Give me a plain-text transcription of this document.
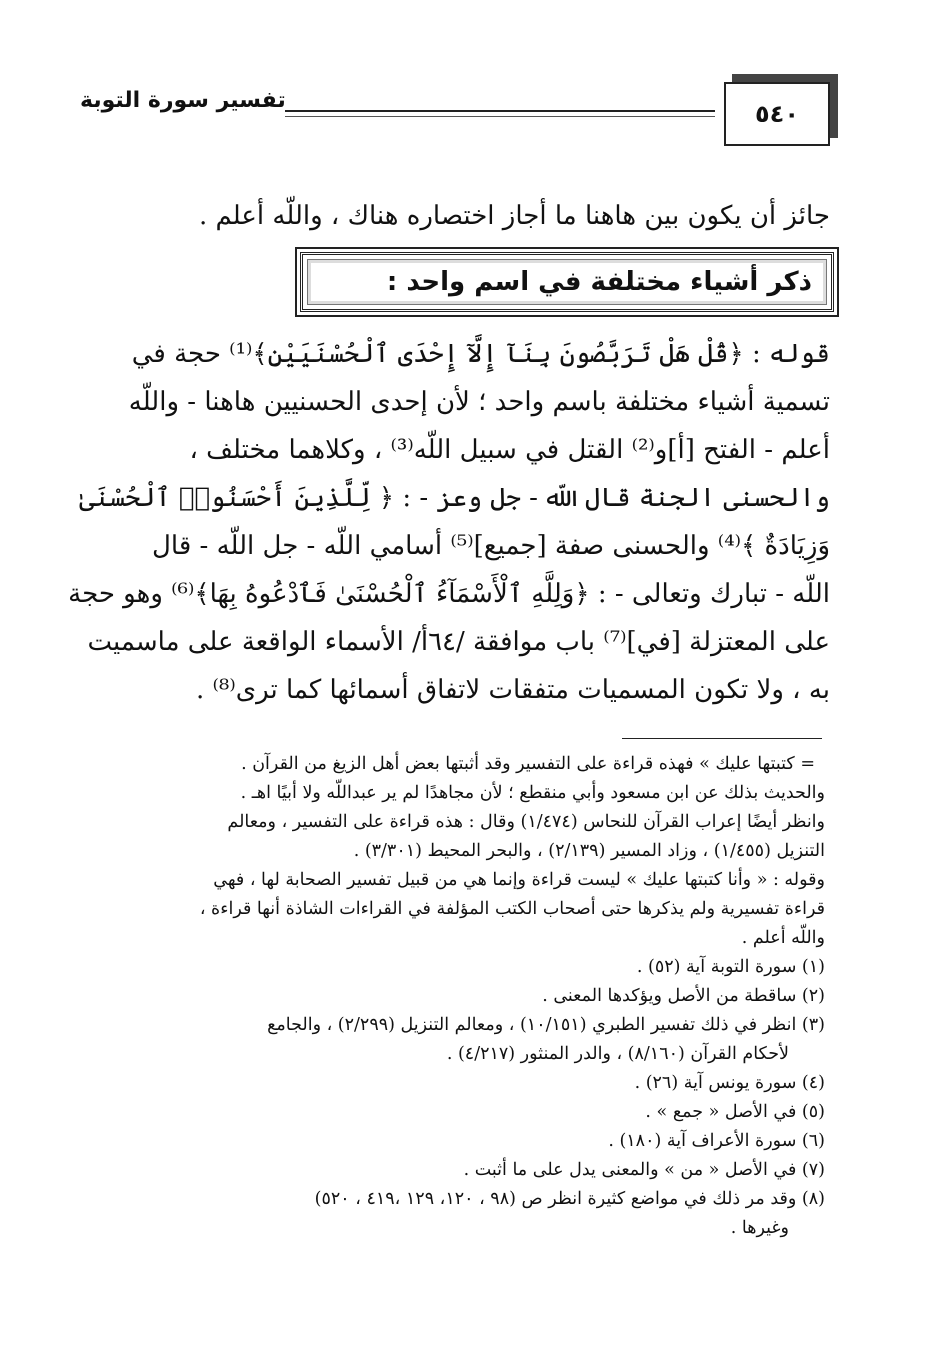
٥٤٠
تفسير سورة التوبة
جائز أن يكون بين هاهنا ما أجاز اختصاره هناك ، واللّه أعلم .
ذكر أشياء مختلفة في اسم واحد :
قوله : ﴿قُلْ هَلْ تَرَبَّصُونَ بِنَآ إِلَّآ إِحْدَى ٱلْحُسْنَيَيْنِ﴾⁽¹⁾ حجة في
تسمية أشياء مختلفة باسم واحد ؛ لأن إحدى الحسنيين هاهنا - واللّه
أعلم - الفتح [أ]و⁽²⁾ القتل في سبيل اللّه⁽³⁾ ، وكلاهما مختلف ،
والحسنى الجنة قال اللّه - جل وعز - : ﴿ لِّلَّذِينَ أَحْسَنُوا۟ ٱلْحُسْنَىٰ
وَزِيَادَةٌ ﴾⁽⁴⁾ والحسنى صفة [جميع]⁽⁵⁾ أسامي اللّه - جل اللّه - قال
اللّه - تبارك وتعالى - : ﴿وَلِلَّهِ ٱلْأَسْمَآءُ ٱلْحُسْنَىٰ فَٱدْعُوهُ بِهَا﴾⁽⁶⁾ وهو حجة
على المعتزلة [في]⁽⁷⁾ باب موافقة /٦٤أ/ الأسماء الواقعة على ماسميت
به ، ولا تكون المسميات متفقات لاتفاق أسمائها كما ترى⁽⁸⁾ .
= كتبتها عليك » فهذه قراءة على التفسير وقد أثبتها بعض أهل الزيغ من القرآن .
والحديث بذلك عن ابن مسعود وأبي منقطع ؛ لأن مجاهدًا لم ير عبداللّه ولا أبيًا اهـ .
وانظر أيضًا إعراب القرآن للنحاس (١/٤٧٤) وقال : هذه قراءة على التفسير ، ومعالم
التنزيل (١/٤٥٥) ، وزاد المسير (٢/١٣٩) ، والبحر المحيط (٣/٣٠١) .
وقوله : « وأنا كتبتها عليك » ليست قراءة وإنما هي من قبيل تفسير الصحابة لها ، فهي
قراءة تفسيرية ولم يذكرها حتى أصحاب الكتب المؤلفة في القراءات الشاذة أنها قراءة ،
واللّه أعلم .
(١) سورة التوبة آية (٥٢) .
(٢) ساقطة من الأصل ويؤكدها المعنى .
(٣) انظر في ذلك تفسير الطبري (١٠/١٥١) ، ومعالم التنزيل (٢/٢٩٩) ، والجامع
لأحكام القرآن (٨/١٦٠) ، والدر المنثور (٤/٢١٧) .
(٤) سورة يونس آية (٢٦) .
(٥) في الأصل « جمع » .
(٦) سورة الأعراف آية (١٨٠) .
(٧) في الأصل « من » والمعنى يدل على ما أثبت .
(٨) وقد مر ذلك في مواضع كثيرة انظر ص (٩٨ ، ١٢٠، ١٢٩ ،٤١٩ ، ٥٢٠)
وغيرها .
